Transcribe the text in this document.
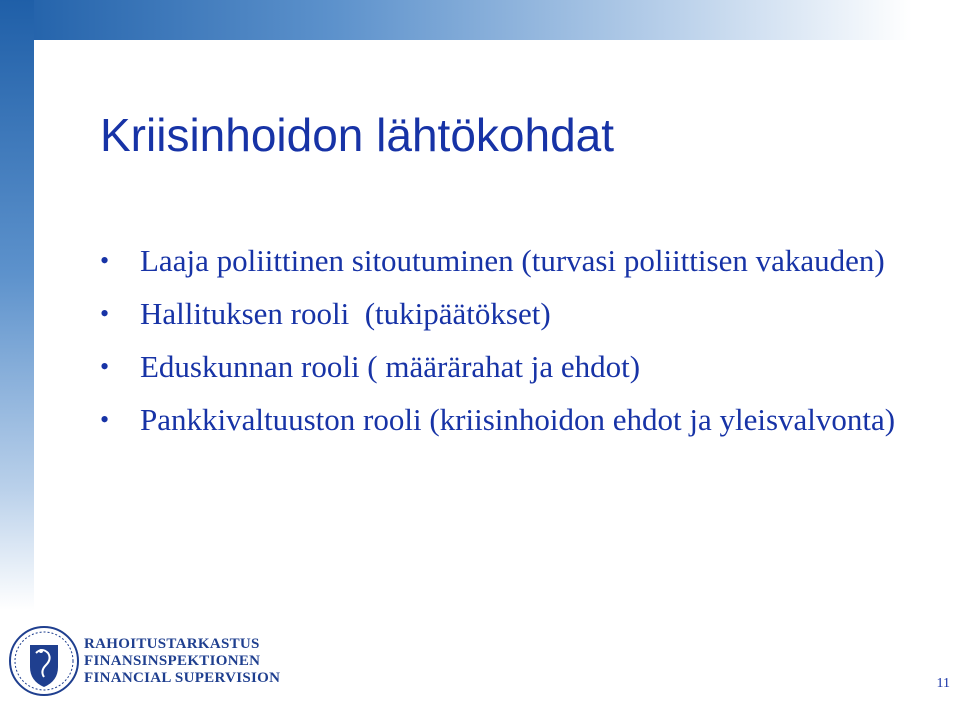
Kriisinhoidon lähtökohdat
• Laaja poliittinen sitoutuminen (turvasi poliittisen vakauden)
• Hallituksen rooli  (tukipäätökset)
• Eduskunnan rooli ( määrärahat ja ehdot)
• Pankkivaltuuston rooli (kriisinhoidon ehdot ja yleisvalvonta)
RAHOITUSTARKASTUS
FINANSINSPEKTIONEN
FINANCIAL SUPERVISION	11
